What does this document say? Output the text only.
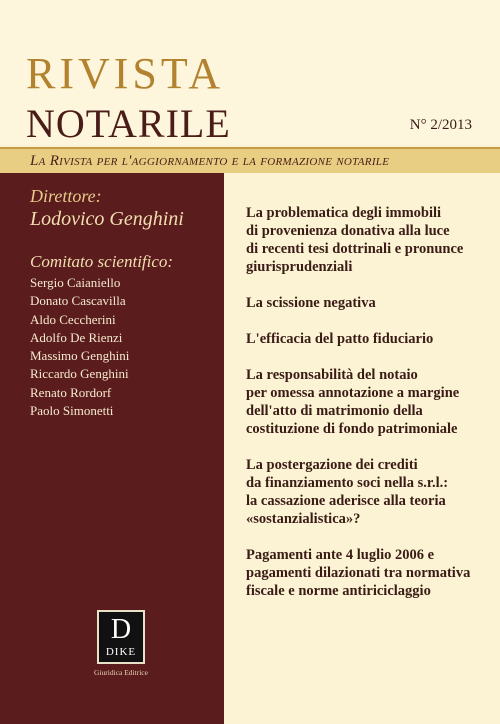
RIVISTA
NOTARILE	N° 2/2013
La Rivista per l'aggiornamento e la formazione notarile
Direttore:
Lodovico Genghini
Comitato scientifico:
Sergio Caianiello
Donato Cascavilla
Aldo Ceccherini
Adolfo De Rienzi
Massimo Genghini
Riccardo Genghini
Renato Rordorf
Paolo Simonetti

La problematica degli immobili

di provenienza donativa alla luce

di recenti tesi dottrinali e pronunce

giurisprudenziali

La scissione negativa

L'efficacia del patto fiduciario

La responsabilità del notaio

per omessa annotazione a margine

dell'atto di matrimonio della

costituzione di fondo patrimoniale

La postergazione dei crediti

da finanziamento soci nella s.r.l.:

la cassazione aderisce alla teoria

«sostanzialistica»?

Pagamenti ante 4 luglio 2006 e

pagamenti dilazionati tra normativa

fiscale e norme antiriciclaggio

D
DIKE
Giuridica Editrice
